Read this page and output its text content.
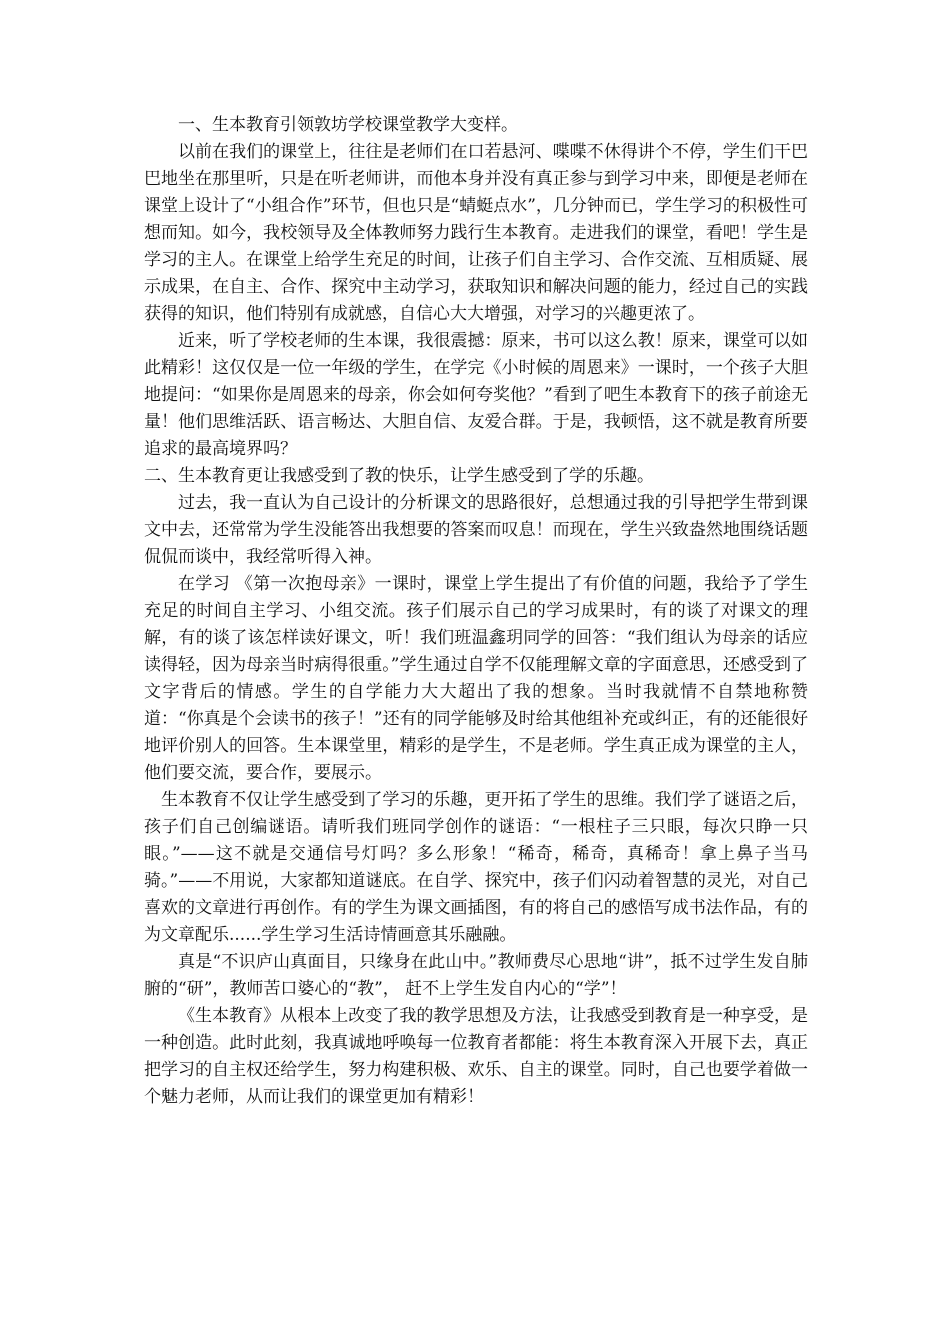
一、生本教育引领敦坊学校课堂教学大变样。

以前在我们的课堂上，往往是老师们在口若悬河、喋喋不休得讲个不停，学生们干巴巴地坐在那里听，只是在听老师讲，而他本身并没有真正参与到学习中来，即便是老师在课堂上设计了“小组合作”环节，但也只是“蜻蜓点水”，几分钟而已，学生学习的积极性可想而知。如今，我校领导及全体教师努力践行生本教育。走进我们的课堂，看吧！学生是学习的主人。在课堂上给学生充足的时间，让孩子们自主学习、合作交流、互相质疑、展示成果，在自主、合作、探究中主动学习，获取知识和解决问题的能力，经过自己的实践获得的知识，他们特别有成就感，自信心大大增强，对学习的兴趣更浓了。

近来，听了学校老师的生本课，我很震撼：原来，书可以这么教！原来，课堂可以如此精彩！这仅仅是一位一年级的学生，在学完《小时候的周恩来》一课时，一个孩子大胆地提问：“如果你是周恩来的母亲，你会如何夸奖他？”看到了吧生本教育下的孩子前途无量！他们思维活跃、语言畅达、大胆自信、友爱合群。于是，我顿悟，这不就是教育所要追求的最高境界吗？

二、生本教育更让我感受到了教的快乐，让学生感受到了学的乐趣。

过去，我一直认为自己设计的分析课文的思路很好，总想通过我的引导把学生带到课文中去，还常常为学生没能答出我想要的答案而叹息！而现在，学生兴致盎然地围绕话题侃侃而谈中，我经常听得入神。

在学习 《第一次抱母亲》一课时，课堂上学生提出了有价值的问题，我给予了学生充足的时间自主学习、小组交流。孩子们展示自己的学习成果时，有的谈了对课文的理解，有的谈了该怎样读好课文，听！我们班温鑫玥同学的回答：“我们组认为母亲的话应读得轻，因为母亲当时病得很重。”学生通过自学不仅能理解文章的字面意思，还感受到了文字背后的情感。学生的自学能力大大超出了我的想象。当时我就情不自禁地称赞道：“你真是个会读书的孩子！”还有的同学能够及时给其他组补充或纠正，有的还能很好地评价别人的回答。生本课堂里，精彩的是学生，不是老师。学生真正成为课堂的主人，他们要交流，要合作，要展示。

生本教育不仅让学生感受到了学习的乐趣，更开拓了学生的思维。我们学了谜语之后，孩子们自己创编谜语。请听我们班同学创作的谜语：“一根柱子三只眼，每次只睁一只眼。”——这不就是交通信号灯吗？多么形象！“稀奇，稀奇，真稀奇！拿上鼻子当马骑。”——不用说，大家都知道谜底。在自学、探究中，孩子们闪动着智慧的灵光，对自己喜欢的文章进行再创作。有的学生为课文画插图，有的将自己的感悟写成书法作品，有的为文章配乐......学生学习生活诗情画意其乐融融。

真是“不识庐山真面目，只缘身在此山中。”教师费尽心思地“讲”，抵不过学生发自肺腑的“研”，教师苦口婆心的“教”， 赶不上学生发自内心的“学”！

《生本教育》从根本上改变了我的教学思想及方法，让我感受到教育是一种享受，是一种创造。此时此刻，我真诚地呼唤每一位教育者都能：将生本教育深入开展下去，真正把学习的自主权还给学生，努力构建积极、欢乐、自主的课堂。同时，自己也要学着做一个魅力老师，从而让我们的课堂更加有精彩！
